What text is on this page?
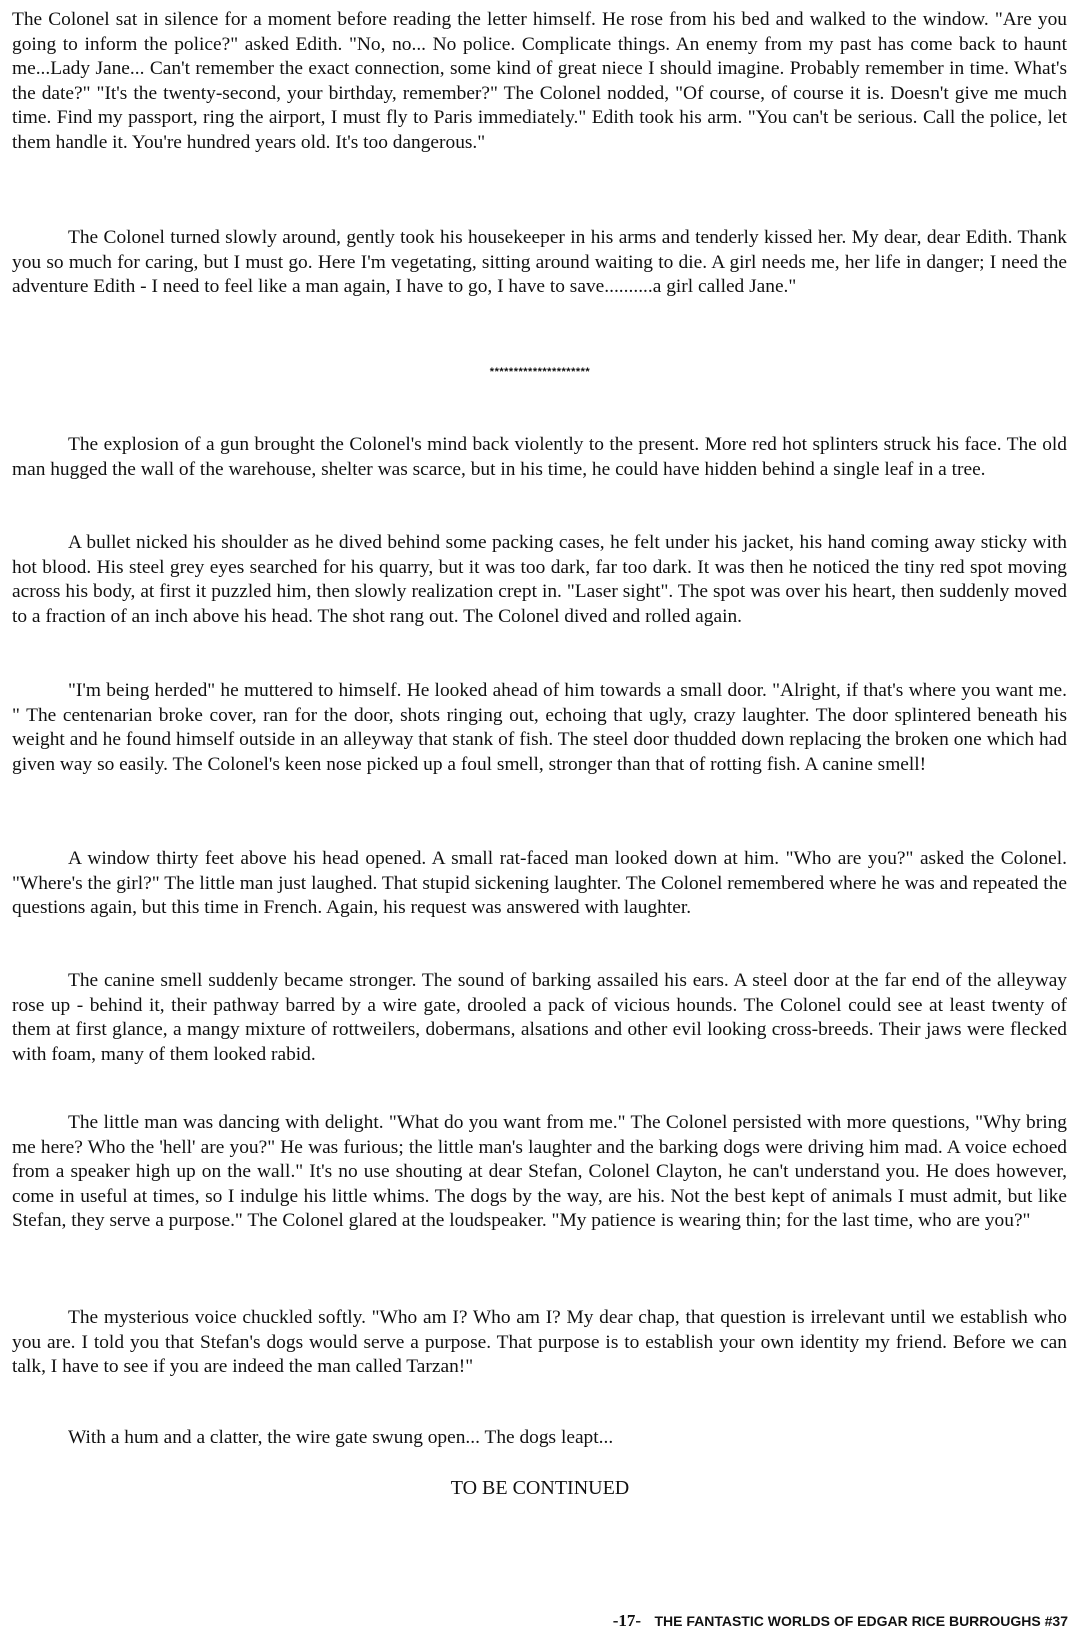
The Colonel sat in silence for a moment before reading the letter himself. He rose from his bed and walked to the window. "Are you going to inform the police?" asked Edith. "No, no... No police. Complicate things. An enemy from my past has come back to haunt me...Lady Jane... Can't remember the exact connection, some kind of great niece I should imagine. Probably remember in time. What's the date?" "It's the twenty-second, your birthday, remember?" The Colonel nodded, "Of course, of course it is. Doesn't give me much time. Find my passport, ring the airport, I must fly to Paris immediately." Edith took his arm. "You can't be serious. Call the police, let them handle it. You're hundred years old. It's too dangerous."

The Colonel turned slowly around, gently took his housekeeper in his arms and tenderly kissed her. My dear, dear Edith. Thank you so much for caring, but I must go. Here I'm vegetating, sitting around waiting to die. A girl needs me, her life in danger; I need the adventure Edith - I need to feel like a man again, I have to go, I have to save..........a girl called Jane."

*********************

The explosion of a gun brought the Colonel's mind back violently to the present. More red hot splinters struck his face. The old man hugged the wall of the warehouse, shelter was scarce, but in his time, he could have hidden behind a single leaf in a tree.

A bullet nicked his shoulder as he dived behind some packing cases, he felt under his jacket, his hand coming away sticky with hot blood. His steel grey eyes searched for his quarry, but it was too dark, far too dark. It was then he noticed the tiny red spot moving across his body, at first it puzzled him, then slowly realization crept in. "Laser sight". The spot was over his heart, then suddenly moved to a fraction of an inch above his head. The shot rang out. The Colonel dived and rolled again.

"I'm being herded" he muttered to himself. He looked ahead of him towards a small door. "Alright, if that's where you want me. " The centenarian broke cover, ran for the door, shots ringing out, echoing that ugly, crazy laughter. The door splintered beneath his weight and he found himself outside in an alleyway that stank of fish. The steel door thudded down replacing the broken one which had given way so easily. The Colonel's keen nose picked up a foul smell, stronger than that of rotting fish. A canine smell!

A window thirty feet above his head opened. A small rat-faced man looked down at him. "Who are you?" asked the Colonel. "Where's the girl?" The little man just laughed. That stupid sickening laughter. The Colonel remembered where he was and repeated the questions again, but this time in French. Again, his request was answered with laughter.

The canine smell suddenly became stronger. The sound of barking assailed his ears. A steel door at the far end of the alleyway rose up - behind it, their pathway barred by a wire gate, drooled a pack of vicious hounds. The Colonel could see at least twenty of them at first glance, a mangy mixture of rottweilers, dobermans, alsations and other evil looking cross-breeds. Their jaws were flecked with foam, many of them looked rabid.

The little man was dancing with delight. "What do you want from me." The Colonel persisted with more questions, "Why bring me here? Who the 'hell' are you?" He was furious; the little man's laughter and the barking dogs were driving him mad. A voice echoed from a speaker high up on the wall." It's no use shouting at dear Stefan, Colonel Clayton, he can't understand you. He does however, come in useful at times, so I indulge his little whims. The dogs by the way, are his. Not the best kept of animals I must admit, but like Stefan, they serve a purpose." The Colonel glared at the loudspeaker. "My patience is wearing thin; for the last time, who are you?"

The mysterious voice chuckled softly. "Who am I? Who am I? My dear chap, that question is irrelevant until we establish who you are. I told you that Stefan's dogs would serve a purpose. That purpose is to establish your own identity my friend. Before we can talk, I have to see if you are indeed the man called Tarzan!"

With a hum and a clatter, the wire gate swung open... The dogs leapt...

TO BE CONTINUED
-17- THE FANTASTIC WORLDS OF EDGAR RICE BURROUGHS #37
